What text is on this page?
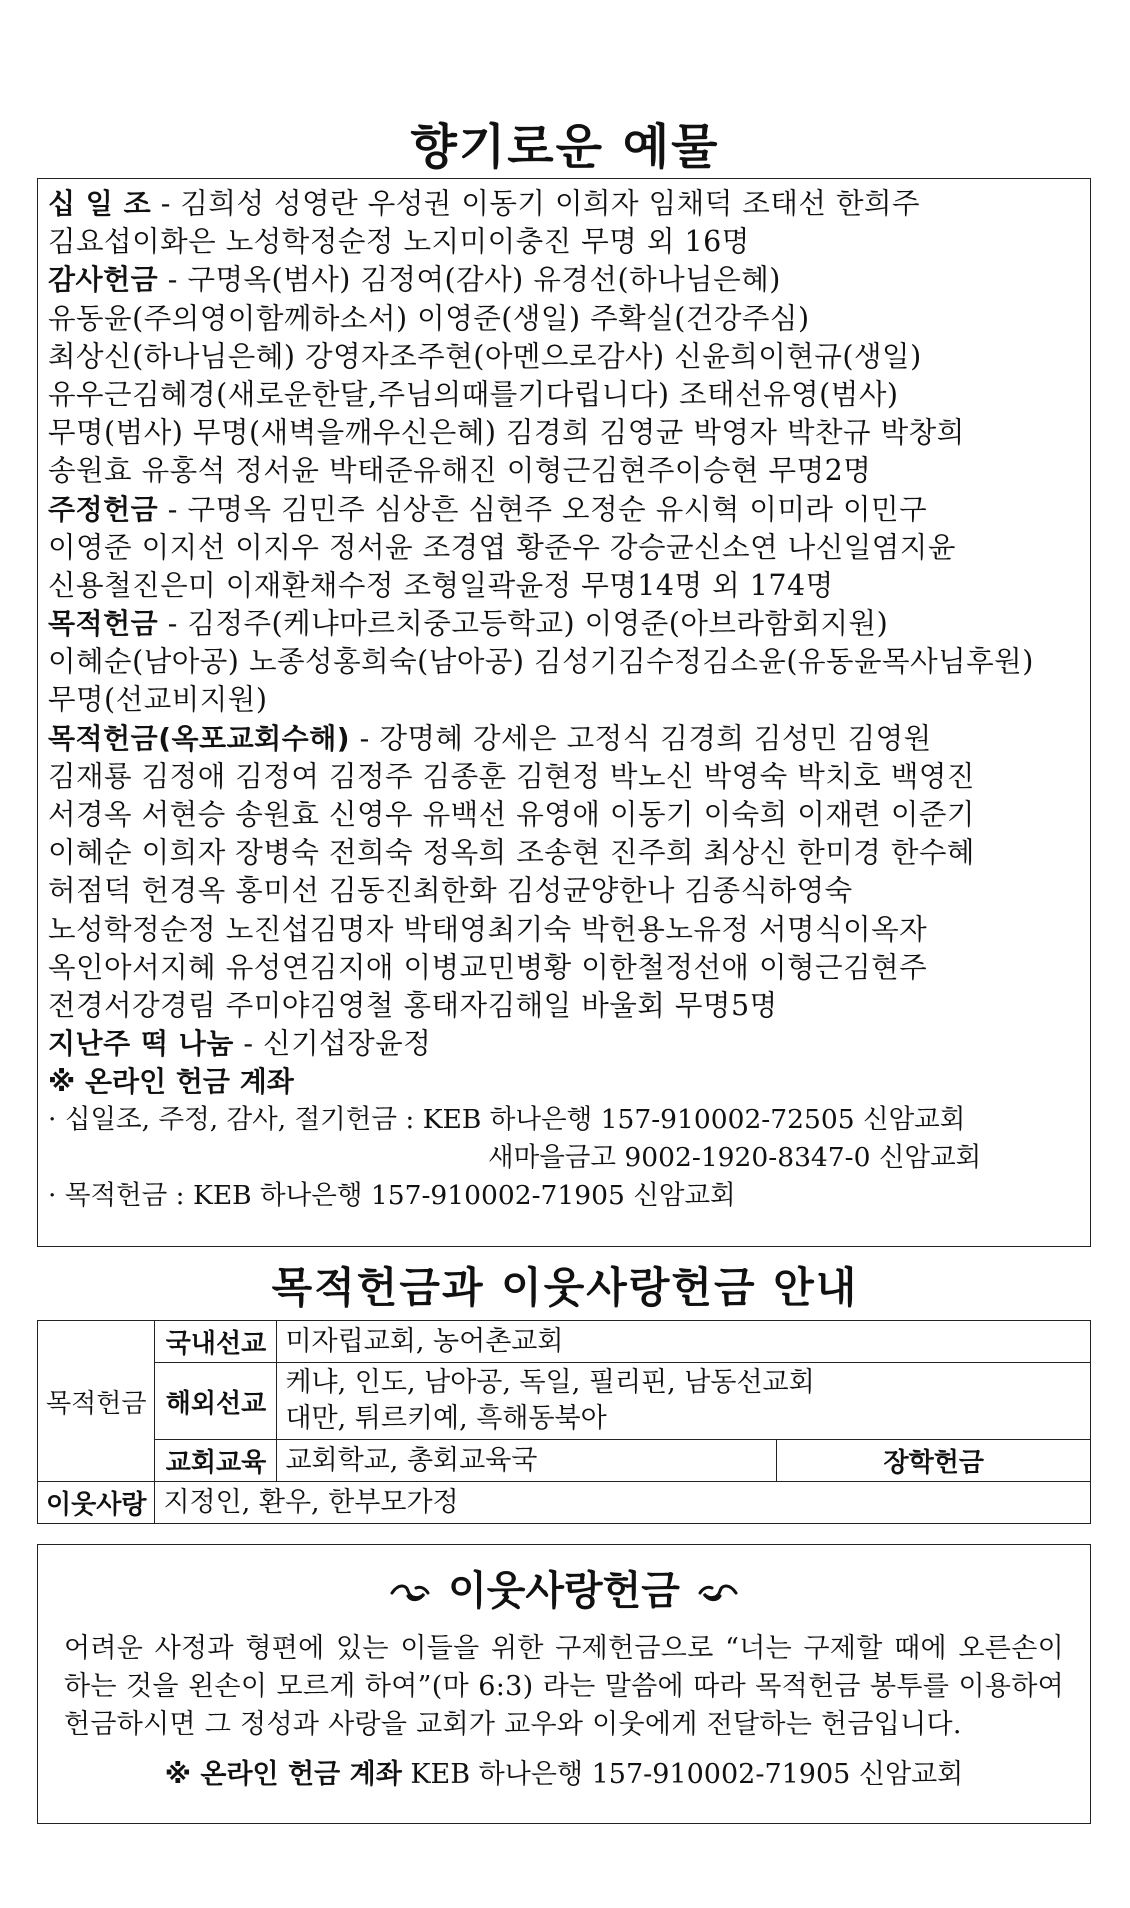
향기로운 예물
십 일 조 - 김희성 성영란 우성권 이동기 이희자 임채덕 조태선 한희주
김요섭이화은 노성학정순정 노지미이충진 무명 외 16명
감사헌금 - 구명옥(범사) 김정여(감사) 유경선(하나님은혜)
유동윤(주의영이함께하소서) 이영준(생일) 주확실(건강주심)
최상신(하나님은혜) 강영자조주현(아멘으로감사) 신윤희이현규(생일)
유우근김혜경(새로운한달,주님의때를기다립니다) 조태선유영(범사)
무명(범사) 무명(새벽을깨우신은혜) 김경희 김영균 박영자 박찬규 박창희
송원효 유홍석 정서윤 박태준유해진 이형근김현주이승현 무명2명
주정헌금 - 구명옥 김민주 심상흔 심현주 오정순 유시혁 이미라 이민구
이영준 이지선 이지우 정서윤 조경엽 황준우 강승균신소연 나신일염지윤
신용철진은미 이재환채수정 조형일곽윤정 무명14명 외 174명
목적헌금 - 김정주(케냐마르치중고등학교) 이영준(아브라함회지원)
이혜순(남아공) 노종성홍희숙(남아공) 김성기김수정김소윤(유동윤목사님후원)
무명(선교비지원)
목적헌금(옥포교회수해) - 강명혜 강세은 고정식 김경희 김성민 김영원
김재룡 김정애 김정여 김정주 김종훈 김현정 박노신 박영숙 박치호 백영진
서경옥 서현승 송원효 신영우 유백선 유영애 이동기 이숙희 이재련 이준기
이혜순 이희자 장병숙 전희숙 정옥희 조송현 진주희 최상신 한미경 한수혜
허점덕 헌경옥 홍미선 김동진최한화 김성균양한나 김종식하영숙
노성학정순정 노진섭김명자 박태영최기숙 박헌용노유정 서명식이옥자
옥인아서지혜 유성연김지애 이병교민병황 이한철정선애 이형근김현주
전경서강경림 주미야김영철 홍태자김해일 바울회 무명5명
지난주 떡 나눔 - 신기섭장윤정
※ 온라인 헌금 계좌
· 십일조, 주정, 감사, 절기헌금 : KEB 하나은행 157-910002-72505 신암교회
새마을금고 9002-1920-8347-0 신암교회
· 목적헌금 : KEB 하나은행 157-910002-71905 신암교회
목적헌금과 이웃사랑헌금 안내
목적헌금	국내선교	미자립교회, 농어촌교회	
	해외선교	케냐, 인도, 남아공, 독일, 필리핀, 남동선교회
대만, 튀르키예, 흑해동북아	

	교회교육	교회학교, 총회교육국	장학헌금
이웃사랑	지정인, 환우, 한부모가정		
이웃사랑헌금
어려운 사정과 형편에 있는 이들을 위한 구제헌금으로 “너는 구제할 때에 오른손이 하는 것을 왼손이 모르게 하여”(마 6:3) 라는 말씀에 따라 목적헌금 봉투를 이용하여 헌금하시면 그 정성과 사랑을 교회가 교우와 이웃에게 전달하는 헌금입니다.
※ 온라인 헌금 계좌 KEB 하나은행 157-910002-71905 신암교회
